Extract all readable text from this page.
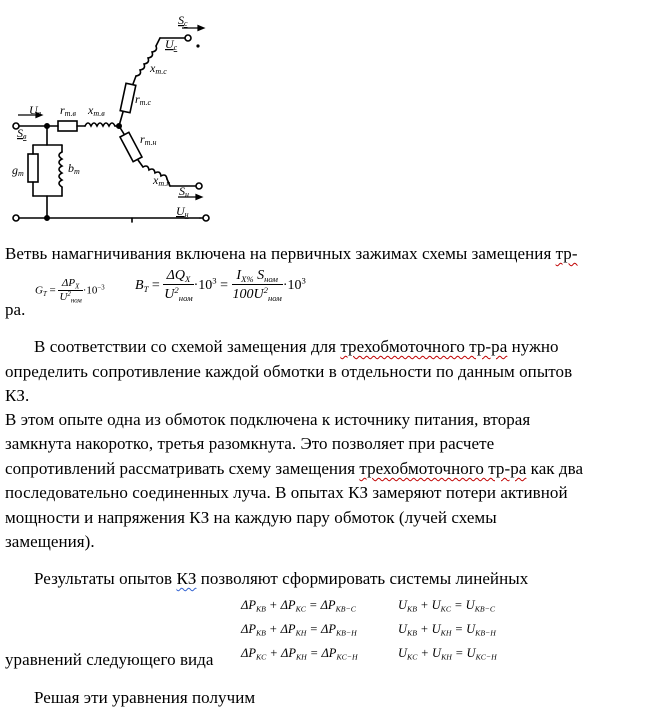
Uв
Sв
rт.в xт.в
gт	bт
Sс
Uс
xт.с
rт.с
rт.н
xт.н
Sн
Uн
Ветвь намагничивания включена на первичных зажимах схемы замещения тр-
$G_T = \frac{\Delta P_X}{U^2_{ном}} \cdot 10^{-3}$ $B_T = \frac{\Delta Q_X}{U^2_{ном}} \cdot 10^3 = \frac{I_{X\%} S_{ном}}{100U^2_{ном}} \cdot 10^3$
ра.
В соответствии со схемой замещения для трехобмоточного тр-ра нужно
определить сопротивление каждой обмотки в отдельности по данным опытов
КЗ.
В этом опыте одна из обмоток подключена к источнику питания, вторая
замкнута накоротко, третья разомкнута. Это позволяет при расчете
сопротивлений рассматривать схему замещения трехобмоточного тр-ра как два
последовательно соединенных луча. В опытах КЗ замеряют потери активной
мощности и напряжения КЗ на каждую пару обмоток (лучей схемы
замещения).
Результаты опытов КЗ позволяют сформировать системы линейных
$\Delta P_{KB} + \Delta P_{KC} = \Delta P_{KB-C}$
$\Delta P_{KB} + \Delta P_{KH} = \Delta P_{KB-H}$
$\Delta P_{KC} + \Delta P_{KH} = \Delta P_{KC-H}$
$U_{KB} + U_{KC} = U_{KB-C}$
$U_{KB} + U_{KH} = U_{KB-H}$
$U_{KC} + U_{KH} = U_{KC-H}$
уравнений следующего вида
Решая эти уравнения получим
